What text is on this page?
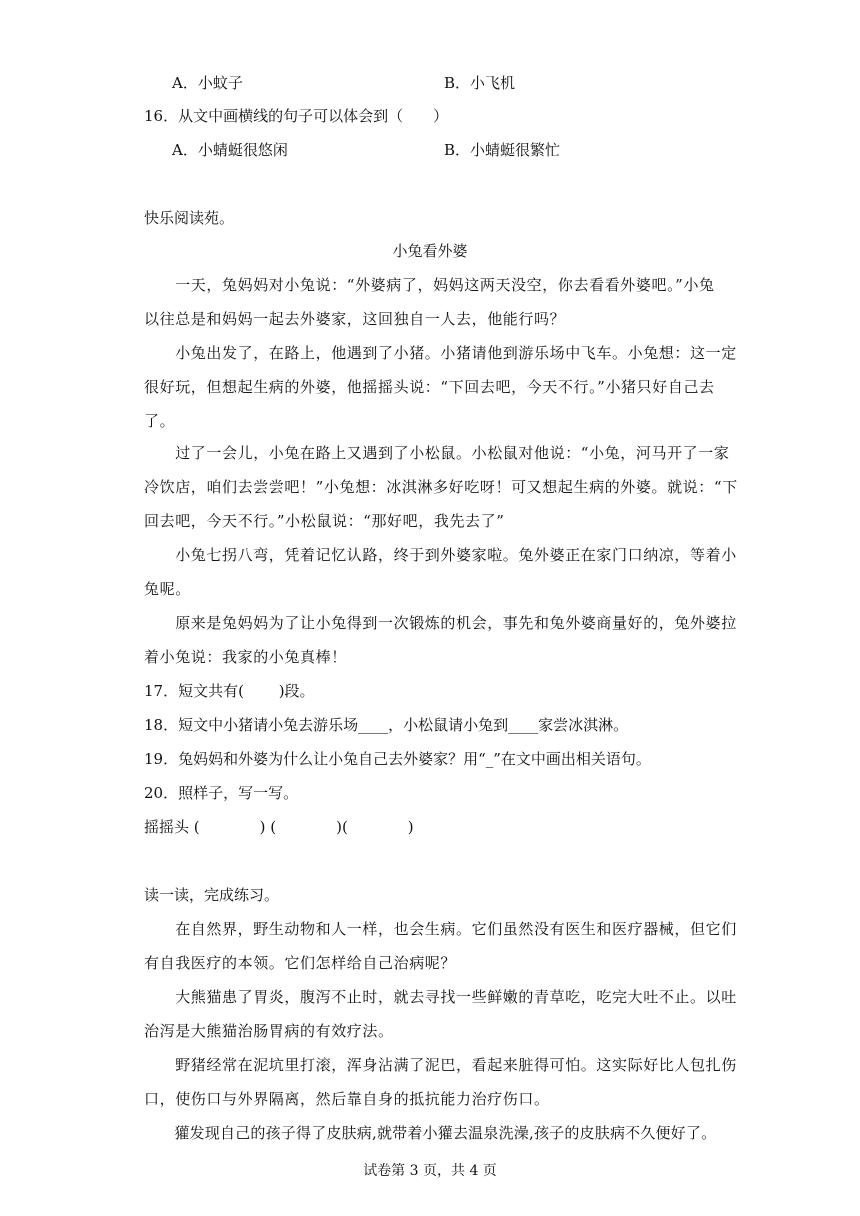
A．小蚊子	B．小飞机
16．从文中画横线的句子可以体会到（　　）
A．小蜻蜓很悠闲	B．小蜻蜓很繁忙
快乐阅读苑。
小兔看外婆
　　一天，兔妈妈对小兔说：“外婆病了，妈妈这两天没空，你去看看外婆吧。”小兔
以往总是和妈妈一起去外婆家，这回独自一人去，他能行吗？
　　小兔出发了，在路上，他遇到了小猪。小猪请他到游乐场中飞车。小兔想：这一定
很好玩，但想起生病的外婆，他摇摇头说：“下回去吧，今天不行。”小猪只好自己去
了。
　　过了一会儿，小兔在路上又遇到了小松鼠。小松鼠对他说：“小兔，河马开了一家
冷饮店，咱们去尝尝吧！”小兔想：冰淇淋多好吃呀！可又想起生病的外婆。就说：“下
回去吧，今天不行。”小松鼠说：“那好吧，我先去了”
　　小兔七拐八弯，凭着记忆认路，终于到外婆家啦。兔外婆正在家门口纳凉，等着小
兔呢。
　　原来是兔妈妈为了让小兔得到一次锻炼的机会，事先和兔外婆商量好的，兔外婆拉
着小兔说：我家的小兔真棒！
17．短文共有(　　 )段。
18．短文中小猪请小兔去游乐场____，小松鼠请小兔到____家尝冰淇淋。
19．兔妈妈和外婆为什么让小兔自己去外婆家？用“_”在文中画出相关语句。
20．照样子，写一写。
摇摇头 (　　　　) (　　　　)(　　　　)
读一读，完成练习。
　　在自然界，野生动物和人一样，也会生病。它们虽然没有医生和医疗器械，但它们
有自我医疗的本领。它们怎样给自己治病呢？
　　大熊猫患了胃炎，腹泻不止时，就去寻找一些鲜嫩的青草吃，吃完大吐不止。以吐
治泻是大熊猫治肠胃病的有效疗法。
　　野猪经常在泥坑里打滚，浑身沾满了泥巴，看起来脏得可怕。这实际好比人包扎伤
口，使伤口与外界隔离，然后靠自身的抵抗能力治疗伤口。
　　獾发现自己的孩子得了皮肤病,就带着小獾去温泉洗澡,孩子的皮肤病不久便好了。
试卷第 3 页，共 4 页
